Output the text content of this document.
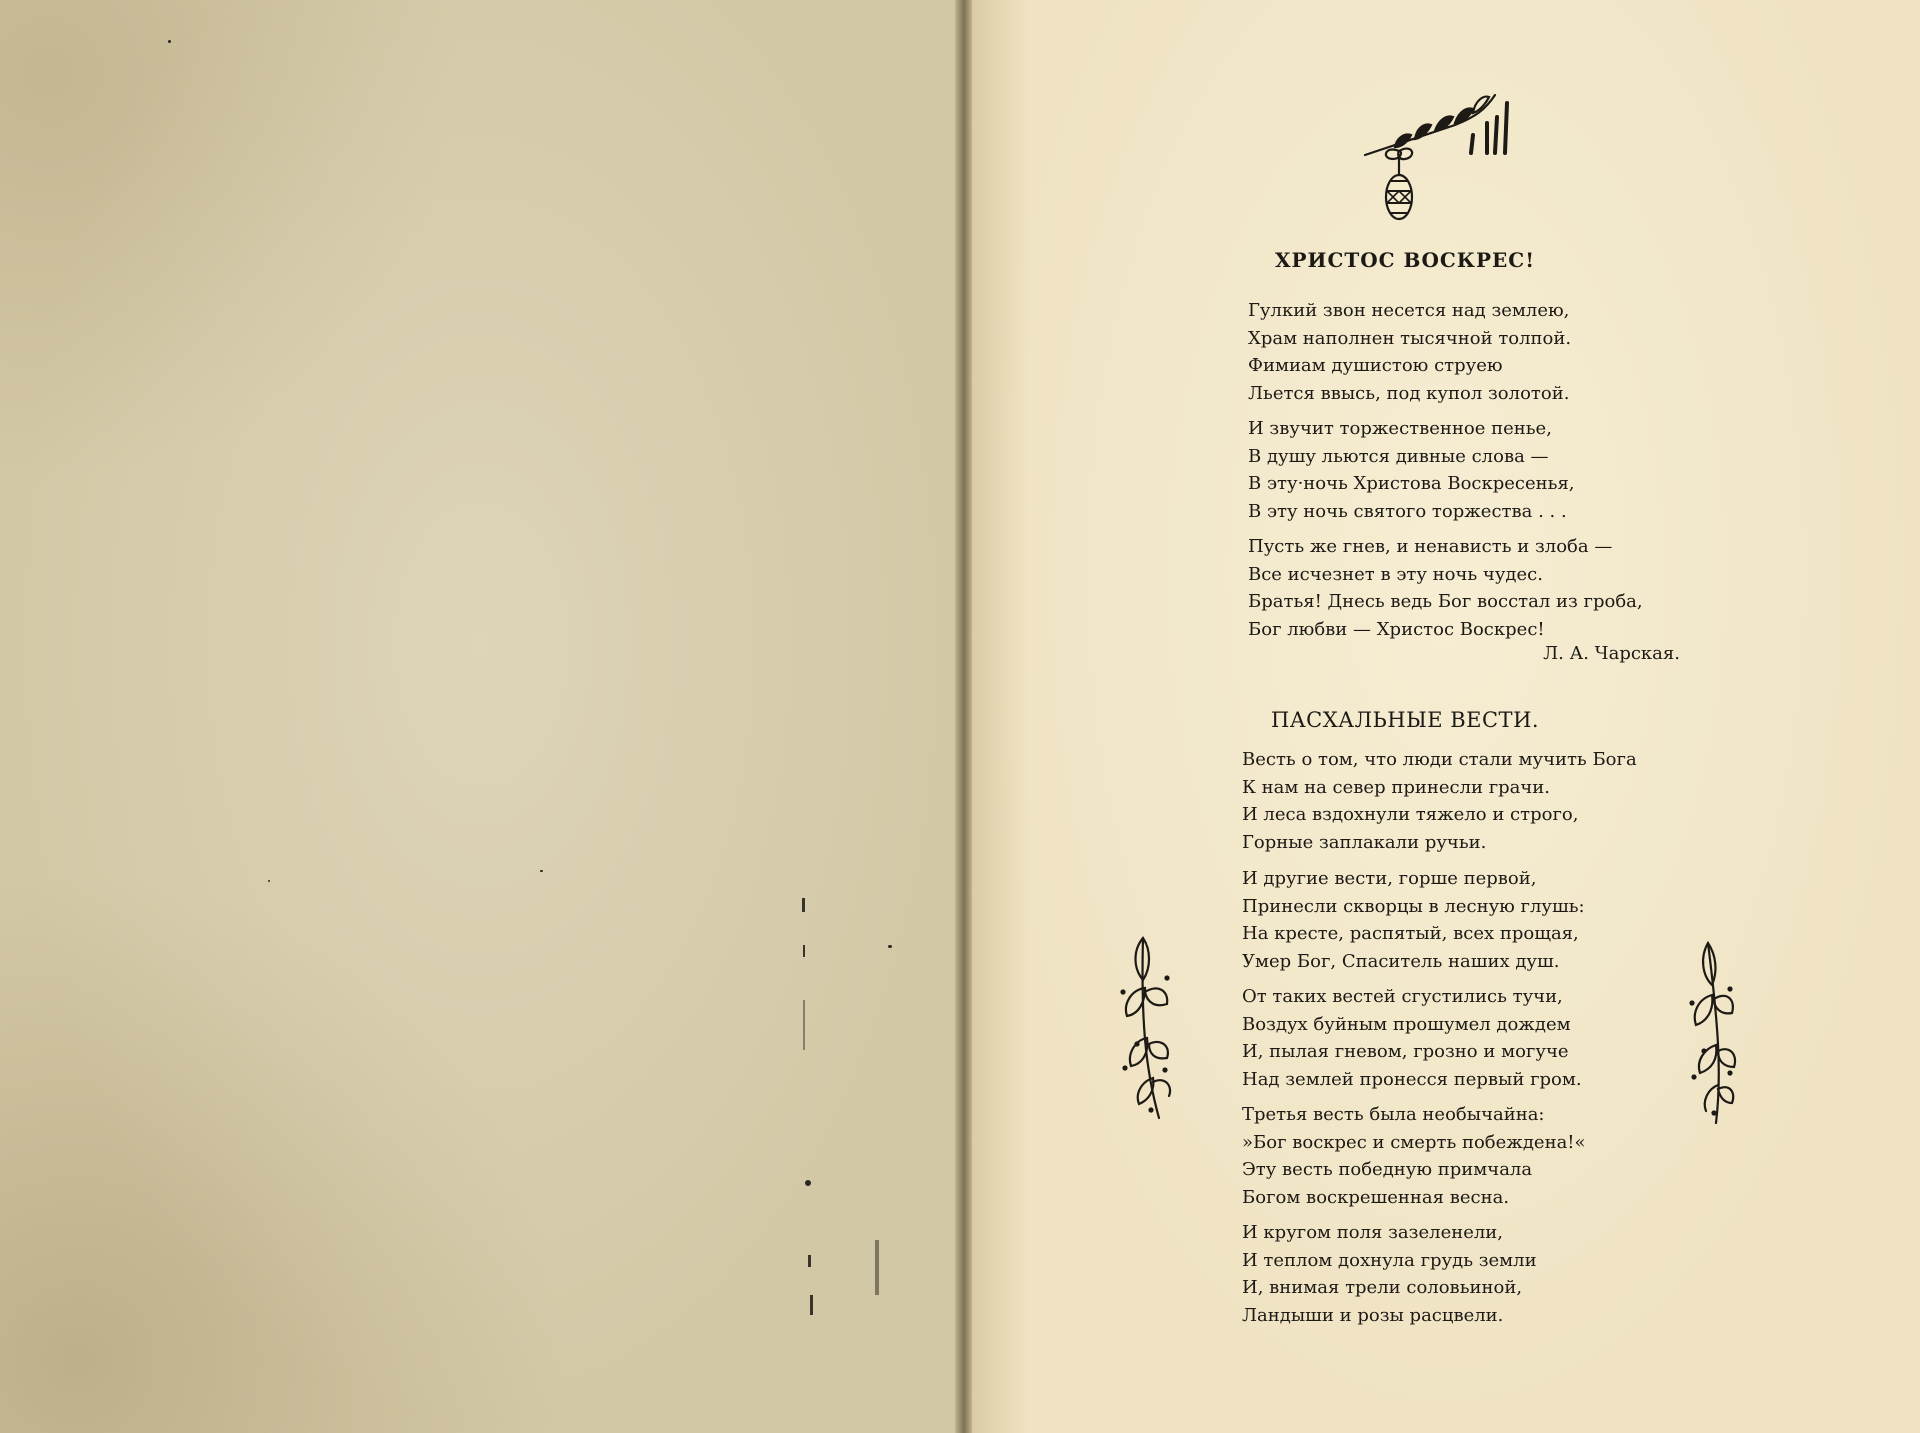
ХРИСТОС ВОСКРЕС!
Гулкий звон несется над землею,
Храм наполнен тысячной толпой.
Фимиам душистою струею
Льется ввысь, под купол золотой.
И звучит торжественное пенье,
В душу льются дивные слова —
В эту·ночь Христова Воскресенья,
В эту ночь святого торжества . . .
Пусть же гнев, и ненависть и злоба —
Все исчезнет в эту ночь чудес.
Братья! Днесь ведь Бог восстал из гроба,
Бог любви — Христос Воскрес!
Л. А. Чарская.
ПАСХАЛЬНЫЕ ВЕСТИ.
Весть о том, что люди стали мучить Бога
К нам на север принесли грачи.
И леса вздохнули тяжело и строго,
Горные заплакали ручьи.
И другие вести, горше первой,
Принесли скворцы в лесную глушь:
На кресте, распятый, всех прощая,
Умер Бог, Спаситель наших душ.
От таких вестей сгустились тучи,
Воздух буйным прошумел дождем
И, пылая гневом, грозно и могуче
Над землей пронесся первый гром.
Третья весть была необычайна:
»Бог воскрес и смерть побеждена!«
Эту весть победную примчала
Богом воскрешенная весна.
И кругом поля зазеленели,
И теплом дохнула грудь земли
И, внимая трели соловьиной,
Ландыши и розы расцвели.
